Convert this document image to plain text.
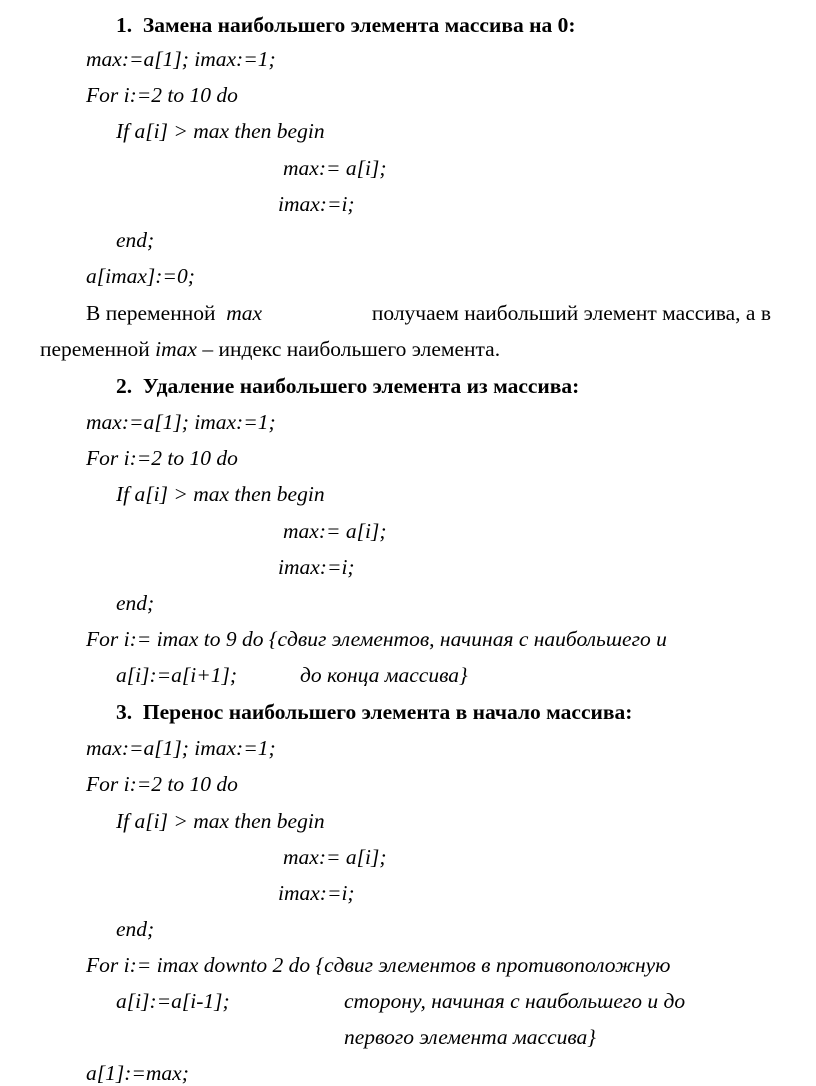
1.  Замена наибольшего элемента массива на 0:
max:=a[1]; imax:=1;
For i:=2 to 10 do
If a[i] > max then begin
max:= a[i];
imax:=i;
end;
a[imax]:=0;
В переменной max	получаем наибольший элемент массива, а в
переменной imax – индекс наибольшего элемента.
2.  Удаление наибольшего элемента из массива:
max:=a[1]; imax:=1;
For i:=2 to 10 do
If a[i] > max then begin
max:= a[i];
imax:=i;
end;
For i:= imax to 9 do {сдвиг элементов, начиная с наибольшего и
a[i]:=a[i+1];	до конца массива}
3.  Перенос наибольшего элемента в начало массива:
max:=a[1]; imax:=1;
For i:=2 to 10 do
If a[i] > max then begin
max:= a[i];
imax:=i;
end;
For i:= imax downto 2 do {сдвиг элементов в противоположную
a[i]:=a[i-1];	сторону, начиная с наибольшего и до
первого элемента массива}
a[1]:=max;
